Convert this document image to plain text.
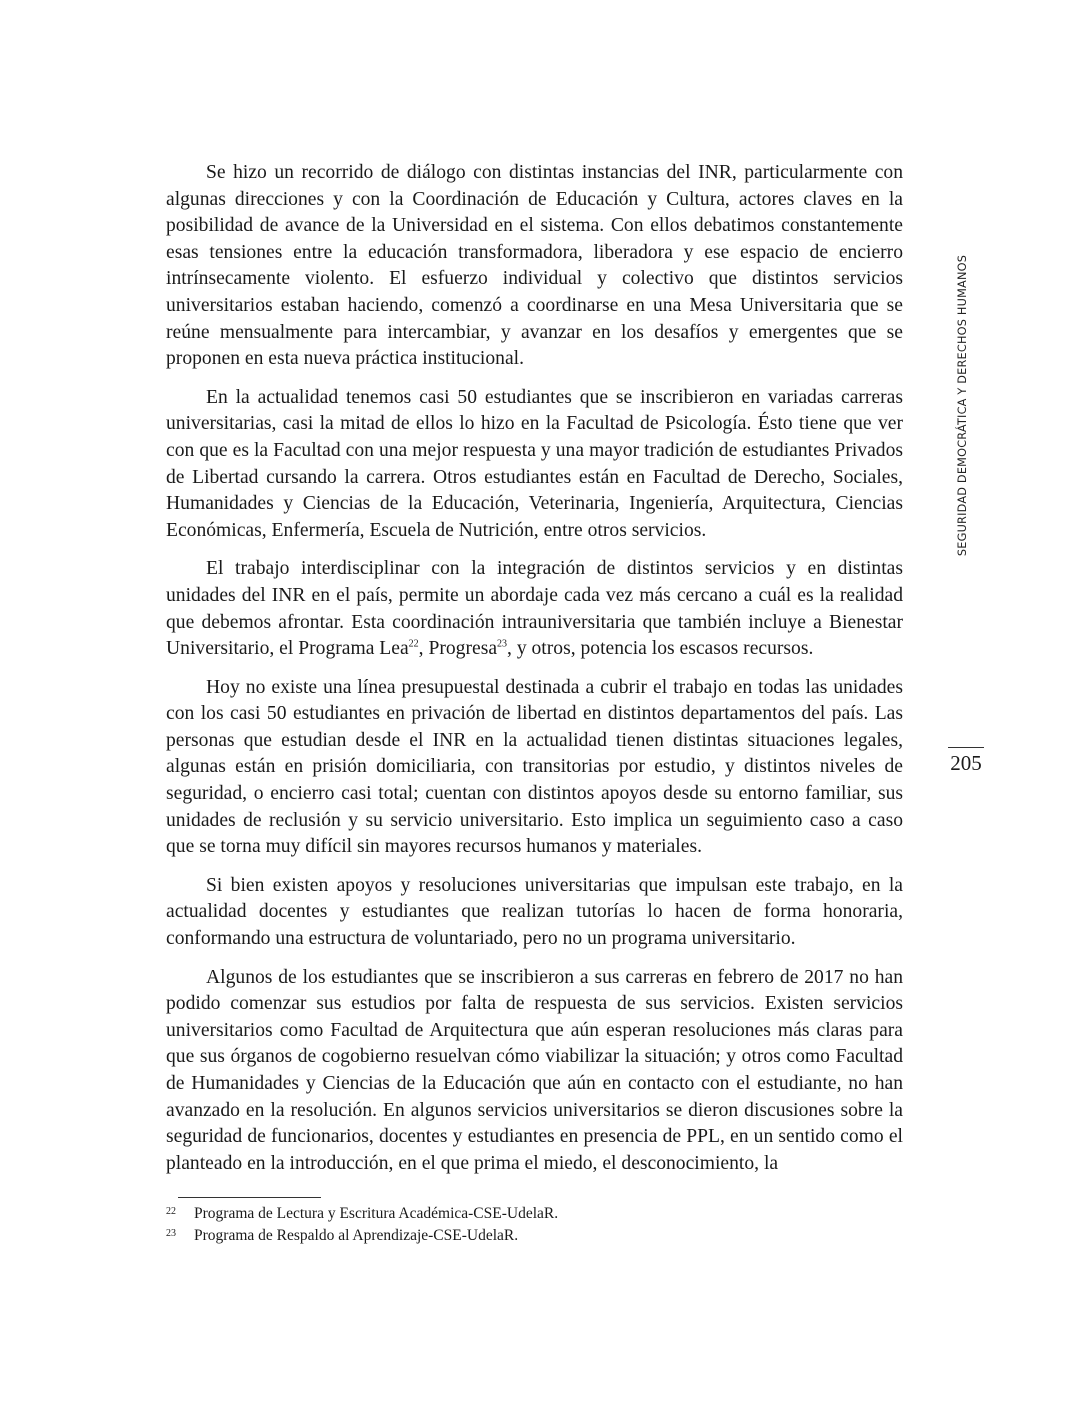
Se hizo un recorrido de diálogo con distintas instancias del INR, particularmente con algunas direcciones y con la Coordinación de Educación y Cultura, actores claves en la posibilidad de avance de la Universidad en el sistema. Con ellos debatimos constantemente esas tensiones entre la educación transformadora, liberadora y ese espacio de encierro intrínsecamente violento. El esfuerzo individual y colectivo que distintos servicios universitarios estaban haciendo, comenzó a coordinarse en una Mesa Universitaria que se reúne mensualmente para intercambiar, y avanzar en los desafíos y emergentes que se proponen en esta nueva práctica institucional.

En la actualidad tenemos casi 50 estudiantes que se inscribieron en variadas carreras universitarias, casi la mitad de ellos lo hizo en la Facultad de Psicología. Ésto tiene que ver con que es la Facultad con una mejor respuesta y una mayor tradición de estudiantes Privados de Libertad cursando la carrera. Otros estudiantes están en Facultad de Derecho, Sociales, Humanidades y Ciencias de la Educación, Veterinaria, Ingeniería, Arquitectura, Ciencias Económicas, Enfermería, Escuela de Nutrición, entre otros servicios.

El trabajo interdisciplinar con la integración de distintos servicios y en distintas unidades del INR en el país, permite un abordaje cada vez más cercano a cuál es la realidad que debemos afrontar. Esta coordinación intrauniversitaria que también incluye a Bienestar Universitario, el Programa Lea$^{22}$, Progresa$^{23}$, y otros, potencia los escasos recursos.

Hoy no existe una línea presupuestal destinada a cubrir el trabajo en todas las unidades con los casi 50 estudiantes en privación de libertad en distintos departamentos del país. Las personas que estudian desde el INR en la actualidad tienen distintas situaciones legales, algunas están en prisión domiciliaria, con transitorias por estudio, y distintos niveles de seguridad, o encierro casi total; cuentan con distintos apoyos desde su entorno familiar, sus unidades de reclusión y su servicio universitario. Esto implica un seguimiento caso a caso que se torna muy difícil sin mayores recursos humanos y materiales.

Si bien existen apoyos y resoluciones universitarias que impulsan este trabajo, en la actualidad docentes y estudiantes que realizan tutorías lo hacen de forma honoraria, conformando una estructura de voluntariado, pero no un programa universitario.

Algunos de los estudiantes que se inscribieron a sus carreras en febrero de 2017 no han podido comenzar sus estudios por falta de respuesta de sus servicios. Existen servicios universitarios como Facultad de Arquitectura que aún esperan resoluciones más claras para que sus órganos de cogobierno resuelvan cómo viabilizar la situación; y otros como Facultad de Humanidades y Ciencias de la Educación que aún en contacto con el estudiante, no han avanzado en la resolución. En algunos servicios universitarios se dieron discusiones sobre la seguridad de funcionarios, docentes y estudiantes en presencia de PPL, en un sentido como el planteado en la introducción, en el que prima el miedo, el desconocimiento, la

SEGURIDAD DEMOCRÁTICA Y DERECHOS HUMANOS
205
22 Programa de Lectura y Escritura Académica-CSE-UdelaR.
23 Programa de Respaldo al Aprendizaje-CSE-UdelaR.
